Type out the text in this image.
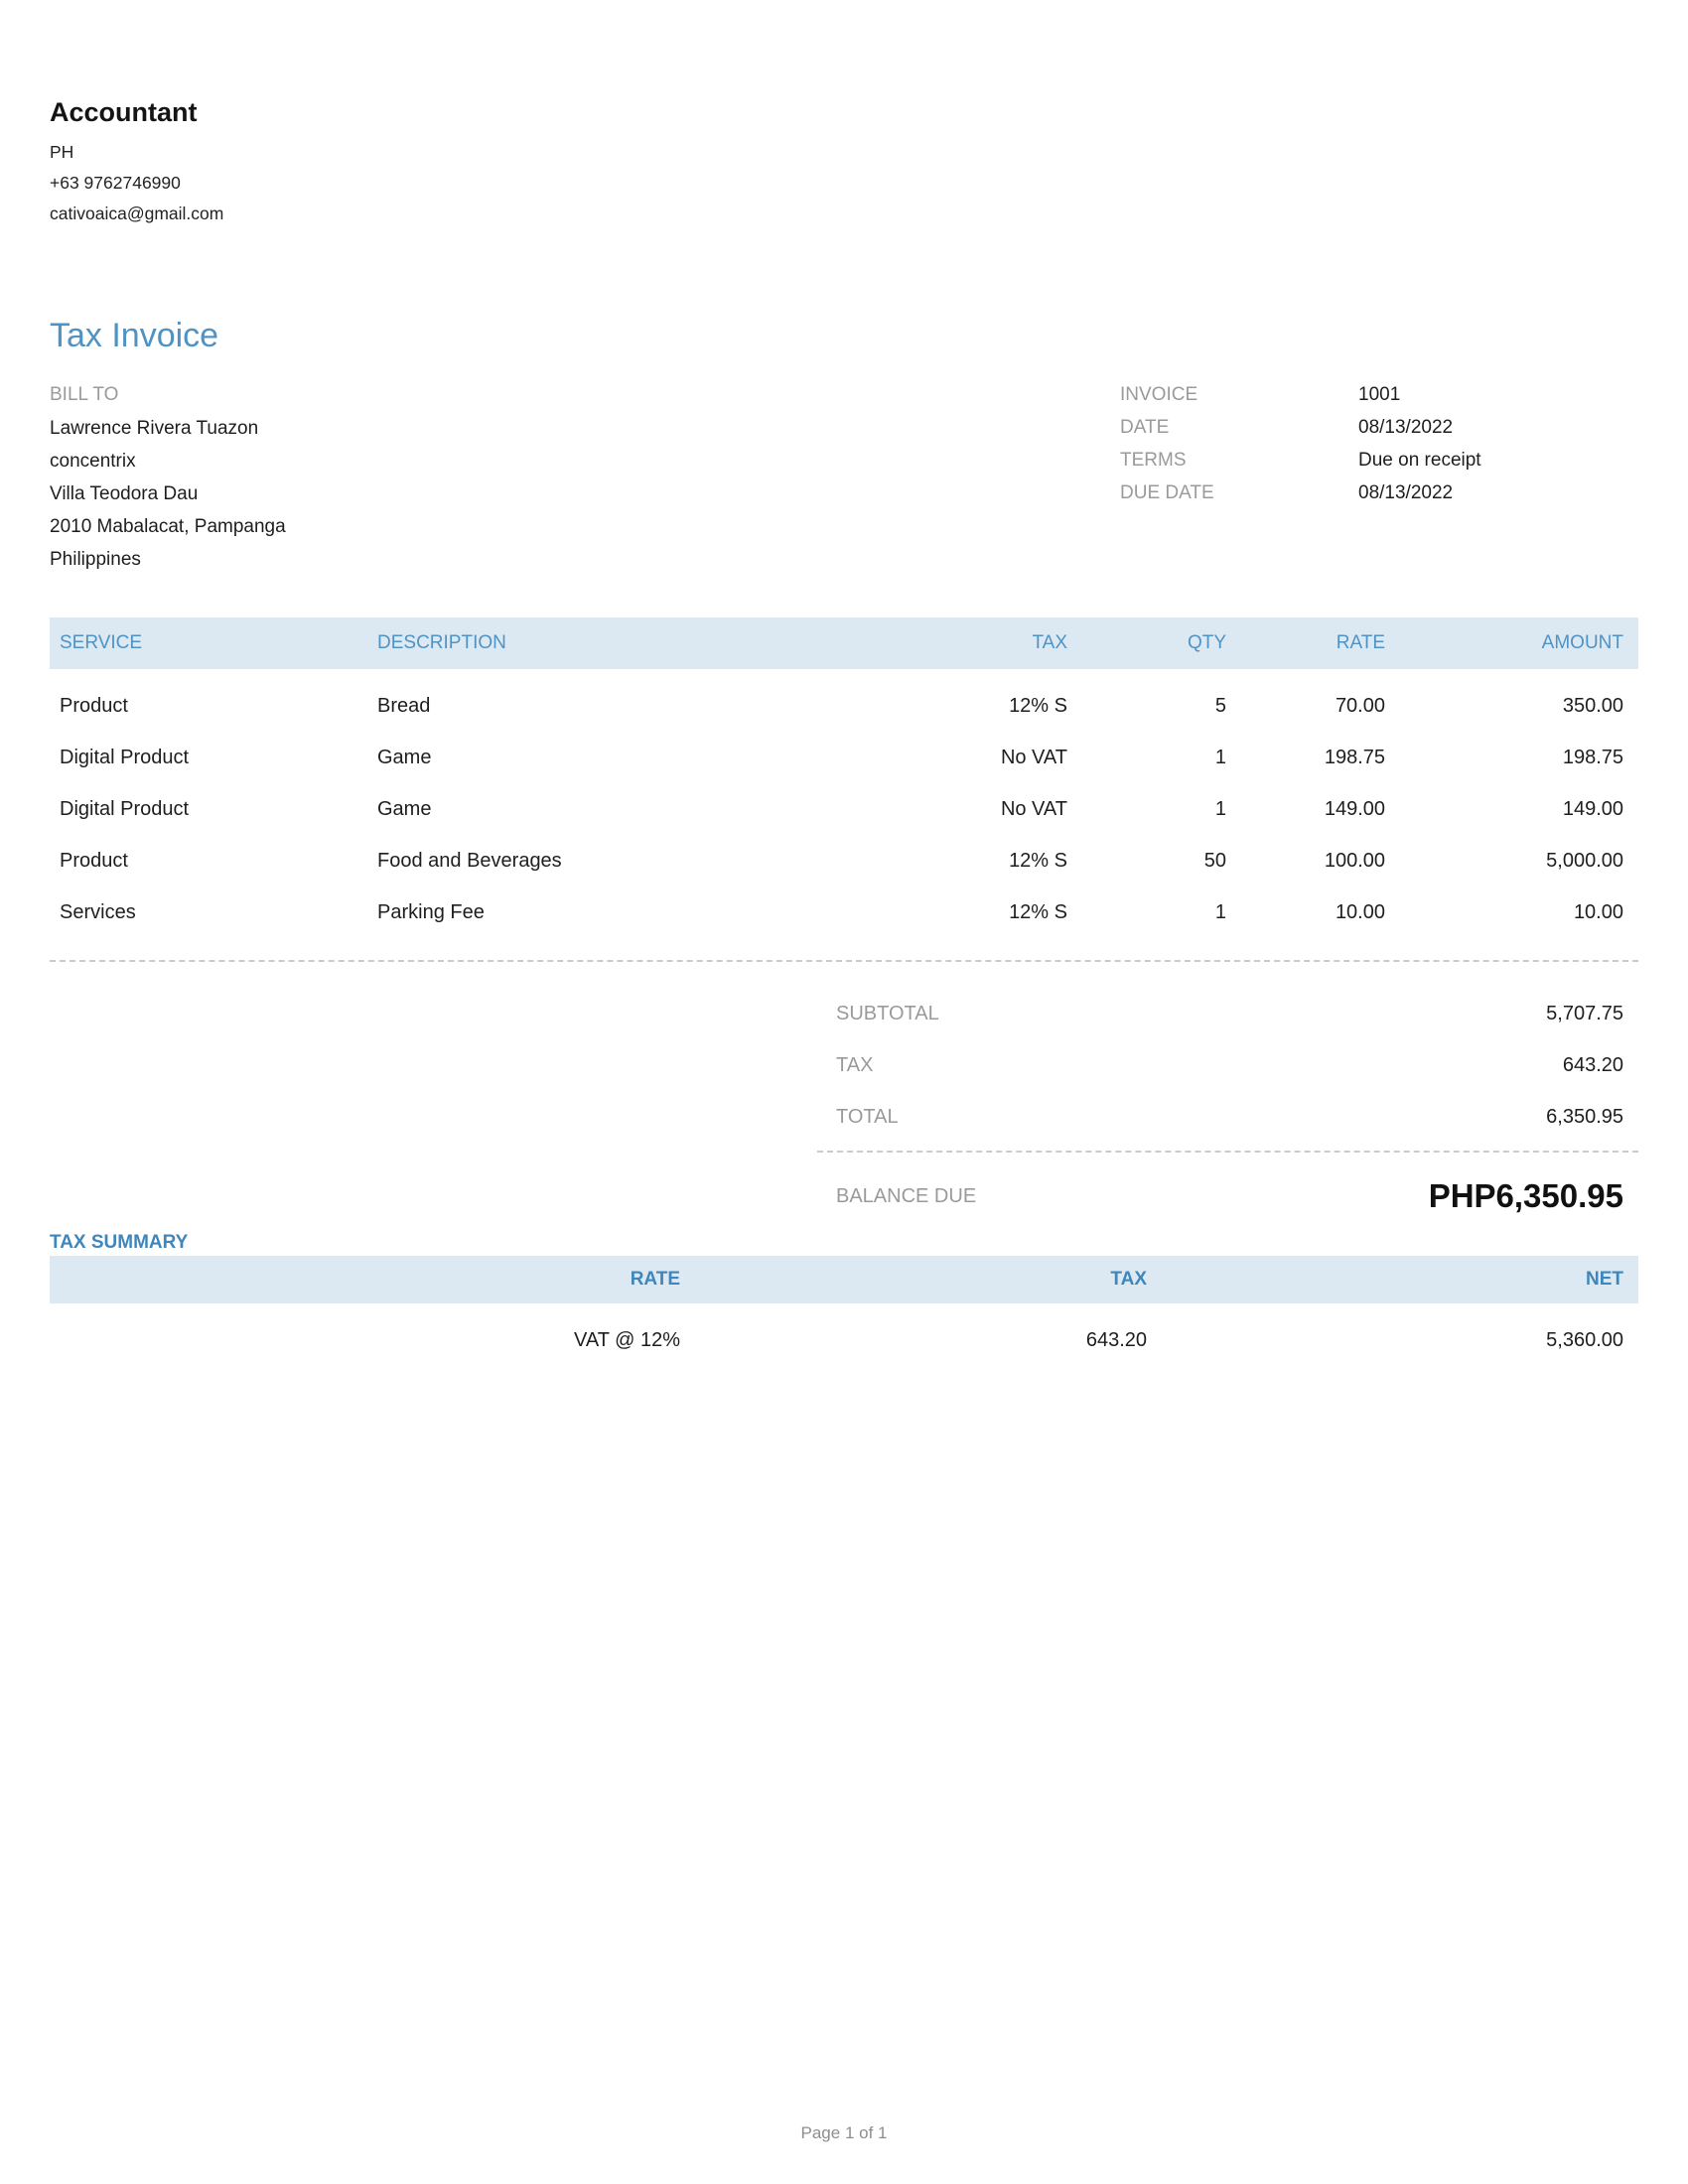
Accountant
PH
+63 9762746990
cativoaica@gmail.com
Tax Invoice
BILL TO
Lawrence Rivera Tuazon
concentrix
Villa Teodora Dau
2010 Mabalacat, Pampanga
Philippines
INVOICE	1001
DATE	08/13/2022
TERMS	Due on receipt
DUE DATE	08/13/2022
SERVICE	DESCRIPTION	TAX	QTY	RATE	AMOUNT
Product	Bread	12% S	5	70.00	350.00
Digital Product	Game	No VAT	1	198.75	198.75
Digital Product	Game	No VAT	1	149.00	149.00
Product	Food and Beverages	12% S	50	100.00	5,000.00
Services	Parking Fee	12% S	1	10.00	10.00
SUBTOTAL	5,707.75
TAX	643.20
TOTAL	6,350.95
BALANCE DUE	PHP6,350.95
TAX SUMMARY
RATE	TAX	NET
VAT @ 12%	643.20	5,360.00
Page 1 of 1
